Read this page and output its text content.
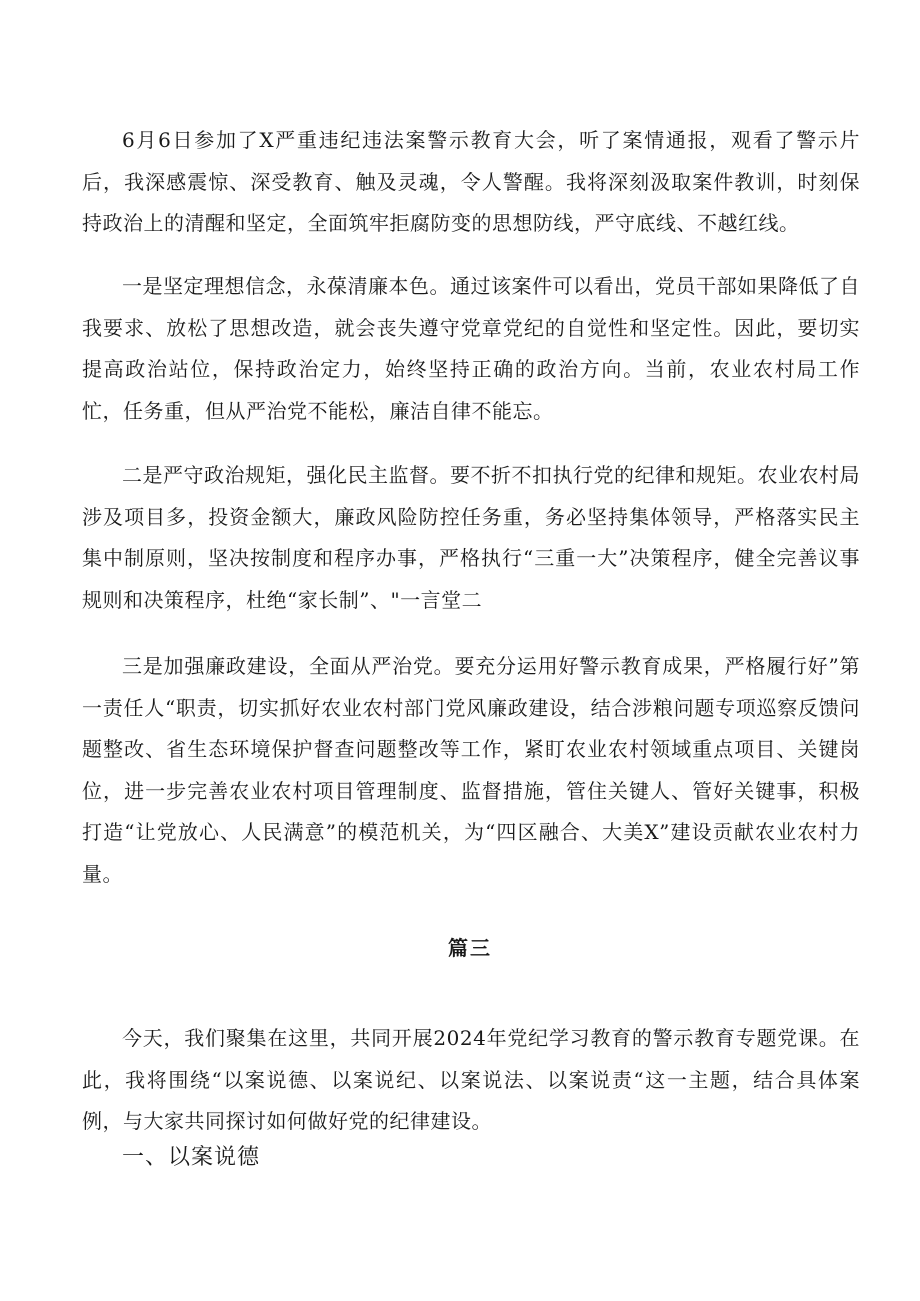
6月6日参加了X严重违纪违法案警示教育大会，听了案情通报，观看了警示片后，我深感震惊、深受教育、触及灵魂，令人警醒。我将深刻汲取案件教训，时刻保持政治上的清醒和坚定，全面筑牢拒腐防变的思想防线，严守底线、不越红线。

一是坚定理想信念，永葆清廉本色。通过该案件可以看出，党员干部如果降低了自我要求、放松了思想改造，就会丧失遵守党章党纪的自觉性和坚定性。因此，要切实提高政治站位，保持政治定力，始终坚持正确的政治方向。当前，农业农村局工作忙，任务重，但从严治党不能松，廉洁自律不能忘。

二是严守政治规矩，强化民主监督。要不折不扣执行党的纪律和规矩。农业农村局涉及项目多，投资金额大，廉政风险防控任务重，务必坚持集体领导，严格落实民主集中制原则，坚决按制度和程序办事，严格执行“三重一大”决策程序，健全完善议事规则和决策程序，杜绝“家长制”、"一言堂二

三是加强廉政建设，全面从严治党。要充分运用好警示教育成果，严格履行好”第一责任人“职责，切实抓好农业农村部门党风廉政建设，结合涉粮问题专项巡察反馈问题整改、省生态环境保护督查问题整改等工作，紧盯农业农村领域重点项目、关键岗位，进一步完善农业农村项目管理制度、监督措施，管住关键人、管好关键事，积极打造“让党放心、人民满意”的模范机关，为“四区融合、大美X”建设贡献农业农村力量。

篇三

今天，我们聚集在这里，共同开展2024年党纪学习教育的警示教育专题党课。在此，我将围绕“以案说德、以案说纪、以案说法、以案说责“这一主题，结合具体案例，与大家共同探讨如何做好党的纪律建设。

一、以案说德
